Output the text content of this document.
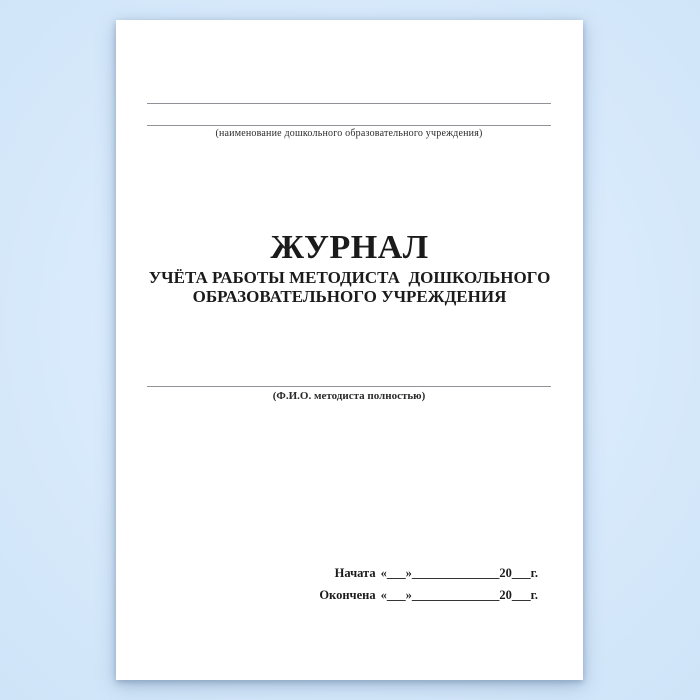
(наименование дошкольного образовательного учреждения)
ЖУРНАЛ
УЧЁТА РАБОТЫ МЕТОДИСТА  ДОШКОЛЬНОГО
ОБРАЗОВАТЕЛЬНОГО УЧРЕЖДЕНИЯ
(Ф.И.О. методиста полностью)
Начата «___»______________20___г.
Окончена «___»______________20___г.
